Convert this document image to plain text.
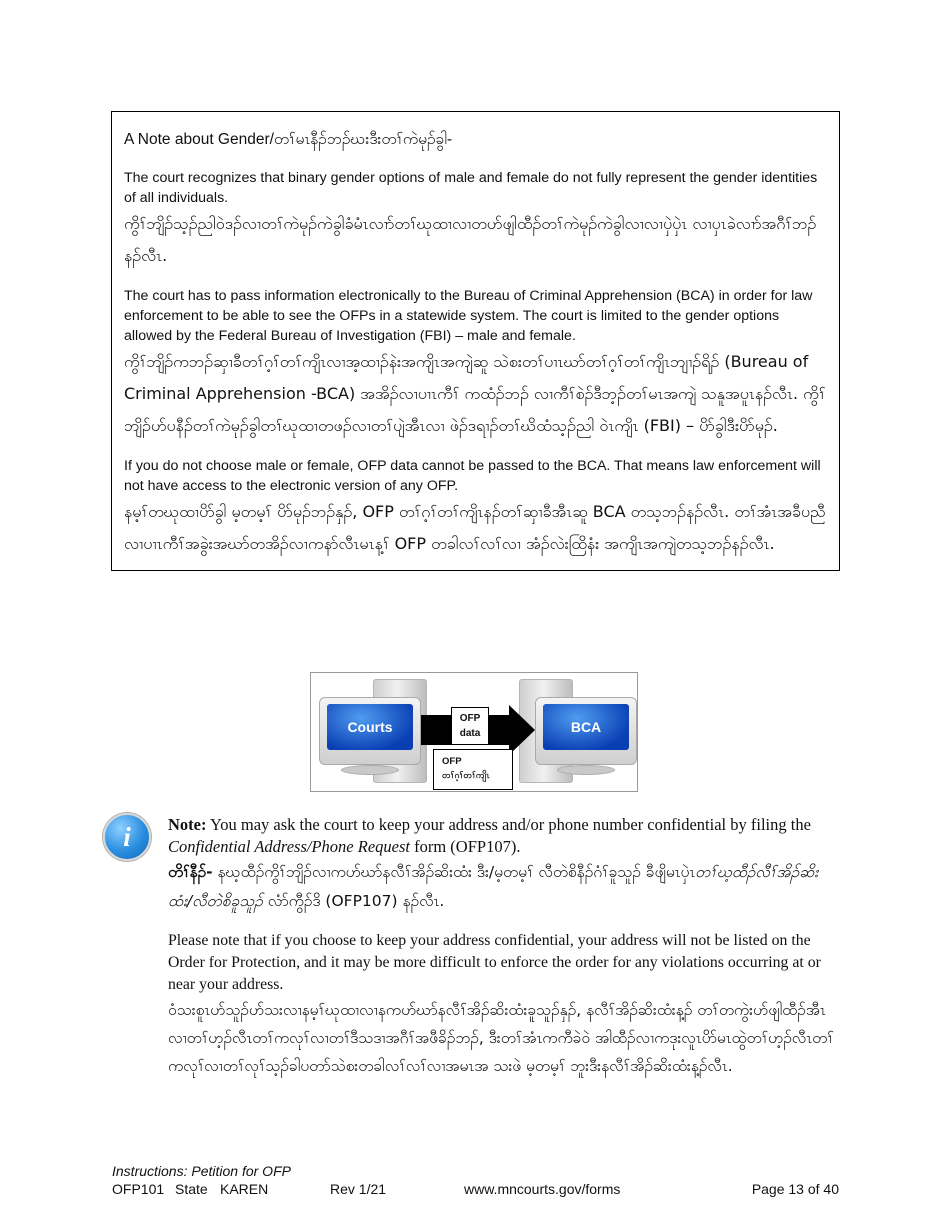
A Note about Gender/တၢ်မၤနီၣ်ဘၣ်ဃးဒီးတၢ်ကဲမုၣ်ခွါ-

The court recognizes that binary gender options of male and female do not fully represent the gender identities of all individuals.

ကွိၢ်ဘျိၣ်သ့ၣ်ညါဝဲဒၣ်လၢတၢ်ကဲမုၣ်ကဲခွါခံမံၤလၢာ်တၢ်ဃုထၢလၢတဟ်ဖျါထီၣ်တၢ်ကဲမုၣ်ကဲခွါလၢလၢပှဲပှဲၤ လၢပှၤခဲလၢာ်အဂီၢ်ဘၣ်နၣ်လီၤ.

The court has to pass information electronically to the Bureau of Criminal Apprehension (BCA) in order for law enforcement to be able to see the OFPs in a statewide system. The court is limited to the gender options allowed by the Federal Bureau of Investigation (FBI) – male and female.

ကွိၢ်ဘျိၣ်ကဘၣ်ဆှၢခီတၢ်ဂ့ၢ်တၢ်ကျိၤလၢအ့ထၢၣ်နဲးအကျိၤအကျဲဆူ သဲစးတၢ်ပၢၤဃာ်တၢ်ဂ့ၢ်တၢ်ကျိၤဘျၢၣ်ရိၣ် (Bureau of Criminal Apprehension -BCA) အအိၣ်လၢပၢၤကီၢ် ကထံၣ်ဘၣ် လၢကီၢ်စဲၣ်ဒီဘ့ၣ်တၢ်မၤအကျဲ သနူအပူၤနၣ်လီၤ. ကွိၢ်ဘျိၣ်ဟ်ပနီၣ်တၢ်ကဲမုၣ်ခွါတၢ်ဃုထၢတဖၣ်လၢတၢ်ပျဲအီၤလၢ ဖဲၣ်ဒရၢၣ်တၢ်ဃိထံသ့ၣ်ညါ ဝဲၤကျိၤ (FBI) – ပိာ်ခွါဒီးပိာ်မုၣ်.

If you do not choose male or female, OFP data cannot be passed to the BCA. That means law enforcement will not have access to the electronic version of any OFP.

နမ့ၢ်တဃုထၢပိာ်ခွါ မ့တမ့ၢ် ပိာ်မုၣ်ဘၣ်နှၣ်, OFP တၢ်ဂ့ၢ်တၢ်ကျိၤနၣ်တၢ်ဆှၢခီအီၤဆူ BCA တသ့ဘၣ်နၣ်လီၤ. တၢ်အံၤအခီပညီလၢပၢၤကီၢ်အခွဲးအဃာ်တအိၣ်လၢကနာ်လီၤမၤန့ၢ် OFP တခါလၢ်လၢ်လၢ အံၣ်လဲးထြိနံး အကျိၤအကျဲတသ့ဘၣ်နၣ်လီၤ.

Courts	BCA
OFP
data
OFP
တၢ်ဂ့ၢ်တၢ်ကျိၤ
i Note: You may ask the court to keep your address and/or phone number confidential by filing the Confidential Address/Phone Request form (OFP107).

တိၢ်နီၣ်- နဃ့ထီၣ်ကွိၢ်ဘျိၣ်လၢကဟ်ဃာ်နလီၢ်အိၣ်ဆိးထံး ဒီး/မ့တမ့ၢ် လီတဲစိနီၣ်ဂံၢ်ခူသူၣ် ခီဖျိမၤပှဲၤတၢ်ဃ့ထီၣ်လီၢ်အိၣ်ဆိးထံး/လီတဲစိခူသူၣ် လံာ်ကွီၣ်ဒိ (OFP107) နၣ်လီၤ.

Please note that if you choose to keep your address confidential, your address will not be listed on the Order for Protection, and it may be more difficult to enforce the order for any violations occurring at or near your address.

ဝံသးစူၤဟ်သူၣ်ဟ်သးလၢနမ့ၢ်ဃုထၢလၢနကဟ်ဃာ်နလီၢ်အိၣ်ဆိးထံးခူသူၣ်နှၣ်, နလီၢ်အိၣ်ဆိးထံးန့ၣ် တၢ်တကွဲးဟ်ဖျါထီၣ်အီၤလၢတၢ်ဟ့ၣ်လီၤတၢ်ကလုၢ်လၢတၢ်ဒီသဒၢအဂီၢ်အဖီခိၣ်ဘၣ်, ဒီးတၢ်အံၤကကီခဲဝဲ အါထီၣ်လၢကဒုးလူၤပိာ်မၤထွဲတၢ်ဟ့ၣ်လီၤတၢ်ကလုၢ်လၢတၢ်လုၢ်သ့ၣ်ခါပတာ်သဲစးတခါလၢ်လၢ်လၢအမၤအ သးဖဲ မ့တမ့ၢ် ဘူးဒီးနလီၢ်အိၣ်ဆိးထံးန့ၣ်လီၤ.

Instructions: Petition for OFP
OFP101 State KAREN	Rev 1/21	www.mncourts.gov/forms	Page 13 of 40
